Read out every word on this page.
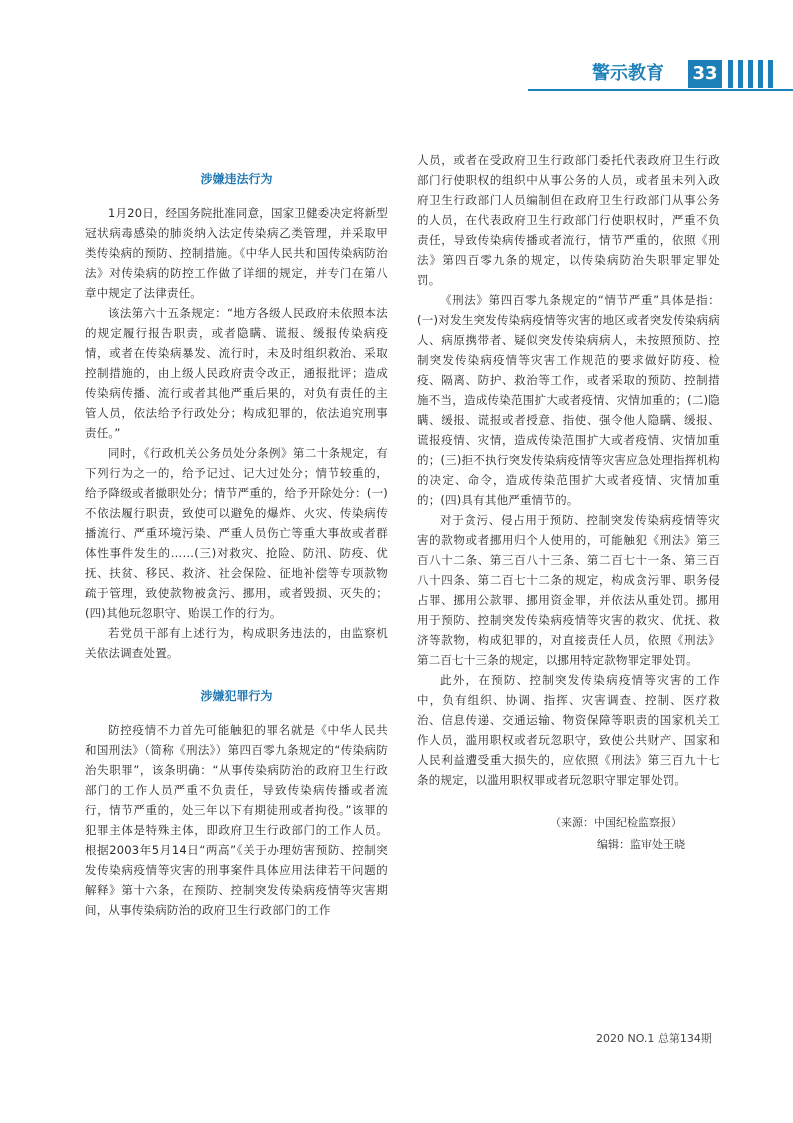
警示教育	33
涉嫌违法行为

1月20日，经国务院批准同意，国家卫健委决定将新型冠状病毒感染的肺炎纳入法定传染病乙类管理，并采取甲类传染病的预防、控制措施。《中华人民共和国传染病防治法》对传染病的防控工作做了详细的规定，并专门在第八章中规定了法律责任。

该法第六十五条规定：“地方各级人民政府未依照本法的规定履行报告职责，或者隐瞒、谎报、缓报传染病疫情，或者在传染病暴发、流行时，未及时组织救治、采取控制措施的，由上级人民政府责令改正，通报批评；造成传染病传播、流行或者其他严重后果的，对负有责任的主管人员，依法给予行政处分；构成犯罪的，依法追究刑事责任。”

同时，《行政机关公务员处分条例》第二十条规定，有下列行为之一的，给予记过、记大过处分；情节较重的，给予降级或者撤职处分；情节严重的，给予开除处分：(一)不依法履行职责，致使可以避免的爆炸、火灾、传染病传播流行、严重环境污染、严重人员伤亡等重大事故或者群体性事件发生的……(三)对救灾、抢险、防汛、防疫、优抚、扶贫、移民、救济、社会保险、征地补偿等专项款物疏于管理，致使款物被贪污、挪用，或者毁损、灭失的；(四)其他玩忽职守、贻误工作的行为。

若党员干部有上述行为，构成职务违法的，由监察机关依法调查处置。

涉嫌犯罪行为

防控疫情不力首先可能触犯的罪名就是《中华人民共和国刑法》（简称《刑法》）第四百零九条规定的“传染病防治失职罪”，该条明确：“从事传染病防治的政府卫生行政部门的工作人员严重不负责任，导致传染病传播或者流行，情节严重的，处三年以下有期徒刑或者拘役。”该罪的犯罪主体是特殊主体，即政府卫生行政部门的工作人员。根据2003年5月14日“两高”《关于办理妨害预防、控制突发传染病疫情等灾害的刑事案件具体应用法律若干问题的解释》第十六条，在预防、控制突发传染病疫情等灾害期间，从事传染病防治的政府卫生行政部门的工作

人员，或者在受政府卫生行政部门委托代表政府卫生行政部门行使职权的组织中从事公务的人员，或者虽未列入政府卫生行政部门人员编制但在政府卫生行政部门从事公务的人员，在代表政府卫生行政部门行使职权时，严重不负责任，导致传染病传播或者流行，情节严重的，依照《刑法》第四百零九条的规定，以传染病防治失职罪定罪处罚。

《刑法》第四百零九条规定的“情节严重”具体是指：(一)对发生突发传染病疫情等灾害的地区或者突发传染病病人、病原携带者、疑似突发传染病病人，未按照预防、控制突发传染病疫情等灾害工作规范的要求做好防疫、检疫、隔离、防护、救治等工作，或者采取的预防、控制措施不当，造成传染范围扩大或者疫情、灾情加重的；(二)隐瞒、缓报、谎报或者授意、指使、强令他人隐瞒、缓报、谎报疫情、灾情，造成传染范围扩大或者疫情、灾情加重的；(三)拒不执行突发传染病疫情等灾害应急处理指挥机构的决定、命令，造成传染范围扩大或者疫情、灾情加重的；(四)具有其他严重情节的。

对于贪污、侵占用于预防、控制突发传染病疫情等灾害的款物或者挪用归个人使用的，可能触犯《刑法》第三百八十二条、第三百八十三条、第二百七十一条、第三百八十四条、第二百七十二条的规定，构成贪污罪、职务侵占罪、挪用公款罪、挪用资金罪，并依法从重处罚。挪用用于预防、控制突发传染病疫情等灾害的救灾、优抚、救济等款物，构成犯罪的，对直接责任人员，依照《刑法》第二百七十三条的规定，以挪用特定款物罪定罪处罚。

此外，在预防、控制突发传染病疫情等灾害的工作中，负有组织、协调、指挥、灾害调查、控制、医疗救治、信息传递、交通运输、物资保障等职责的国家机关工作人员，滥用职权或者玩忽职守，致使公共财产、国家和人民利益遭受重大损失的，应依照《刑法》第三百九十七条的规定，以滥用职权罪或者玩忽职守罪定罪处罚。

（来源：中国纪检监察报）
编辑：监审处王晓
2020 NO.1 总第134期
